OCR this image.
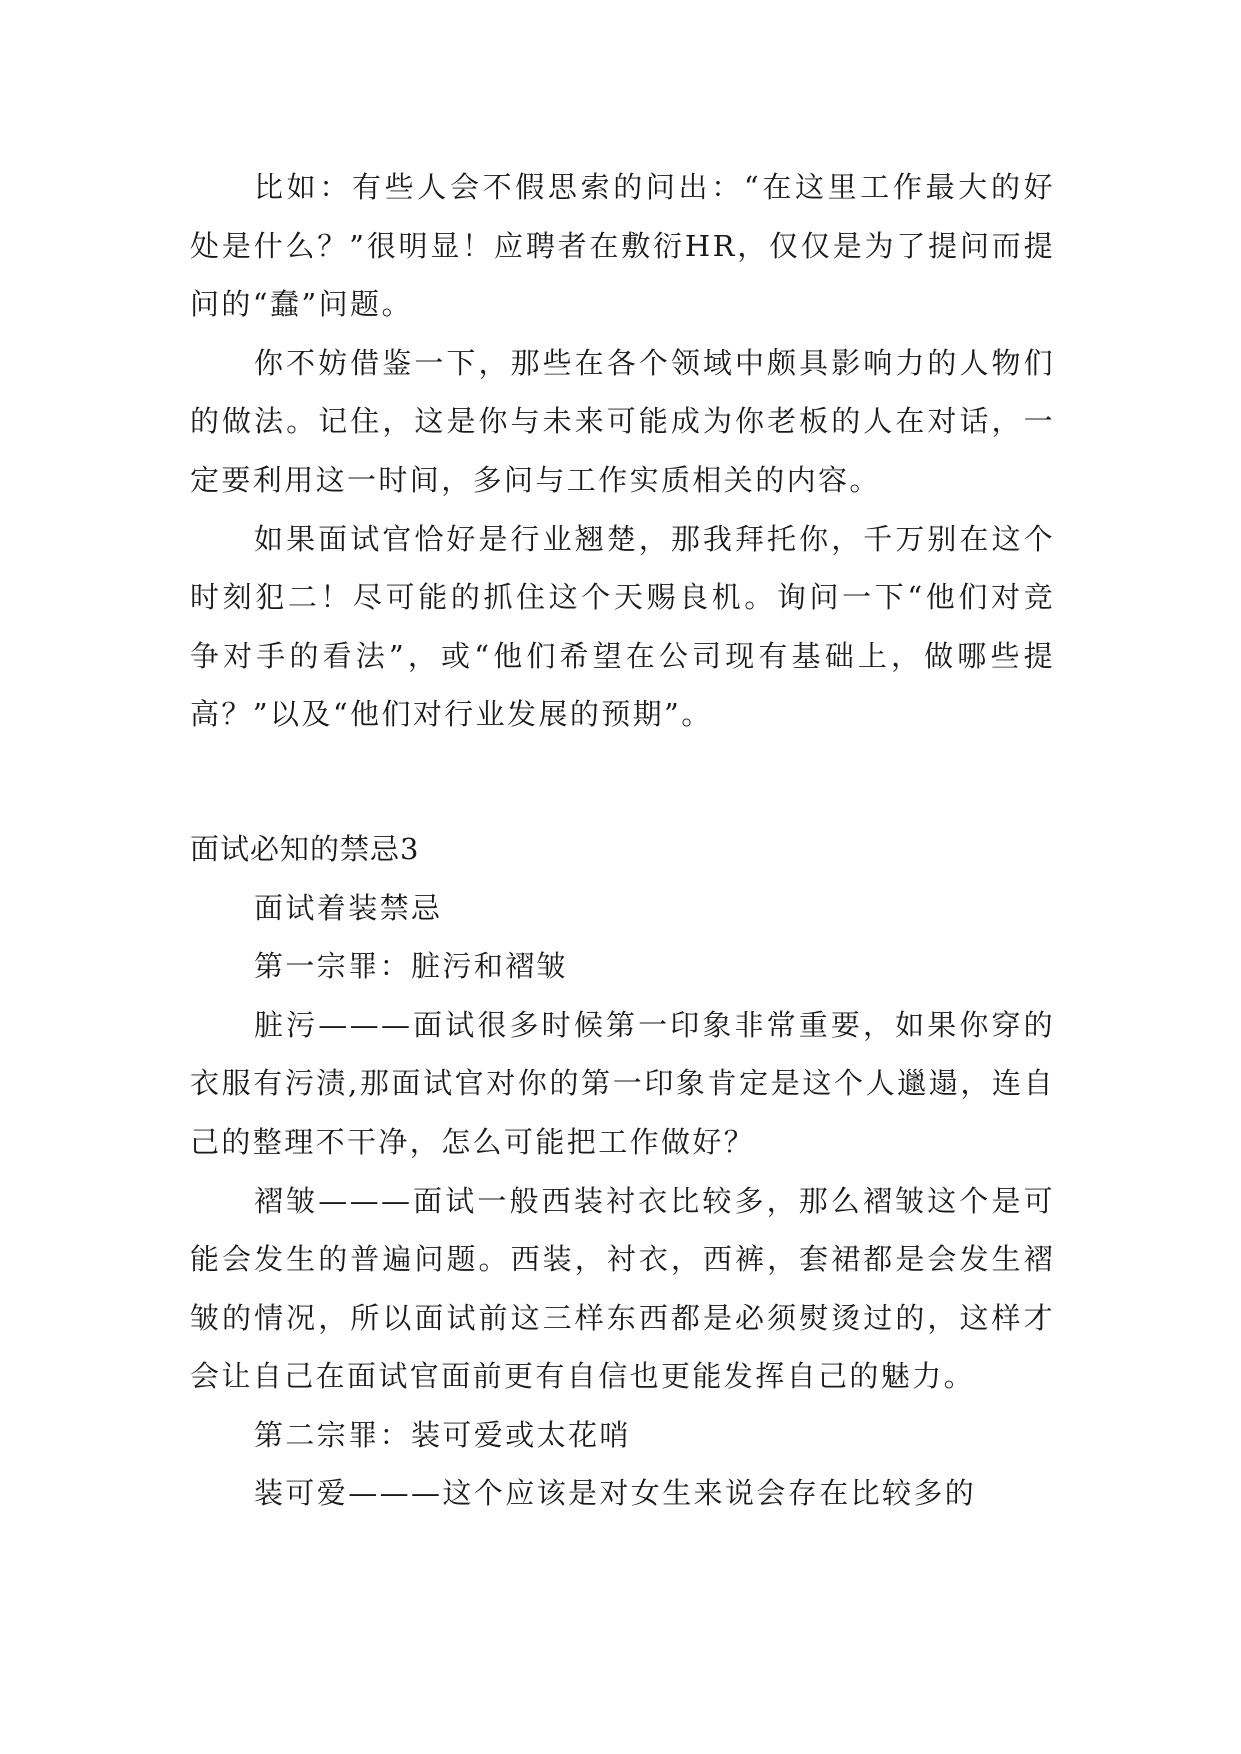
比如：有些人会不假思索的问出：“在这里工作最大的好处是什么？”很明显！应聘者在敷衍HR，仅仅是为了提问而提问的“蠢”问题。

你不妨借鉴一下，那些在各个领域中颇具影响力的人物们的做法。记住，这是你与未来可能成为你老板的人在对话，一定要利用这一时间，多问与工作实质相关的内容。

如果面试官恰好是行业翘楚，那我拜托你，千万别在这个时刻犯二！尽可能的抓住这个天赐良机。询问一下“他们对竞争对手的看法”，或“他们希望在公司现有基础上，做哪些提高？”以及“他们对行业发展的预期”。

面试必知的禁忌3

面试着装禁忌

第一宗罪：脏污和褶皱

脏污———面试很多时候第一印象非常重要，如果你穿的衣服有污渍,那面试官对你的第一印象肯定是这个人邋遢，连自己的整理不干净，怎么可能把工作做好？

褶皱———面试一般西装衬衣比较多，那么褶皱这个是可能会发生的普遍问题。西装，衬衣，西裤，套裙都是会发生褶皱的情况，所以面试前这三样东西都是必须熨烫过的，这样才会让自己在面试官面前更有自信也更能发挥自己的魅力。

第二宗罪：装可爱或太花哨

装可爱———这个应该是对女生来说会存在比较多的
